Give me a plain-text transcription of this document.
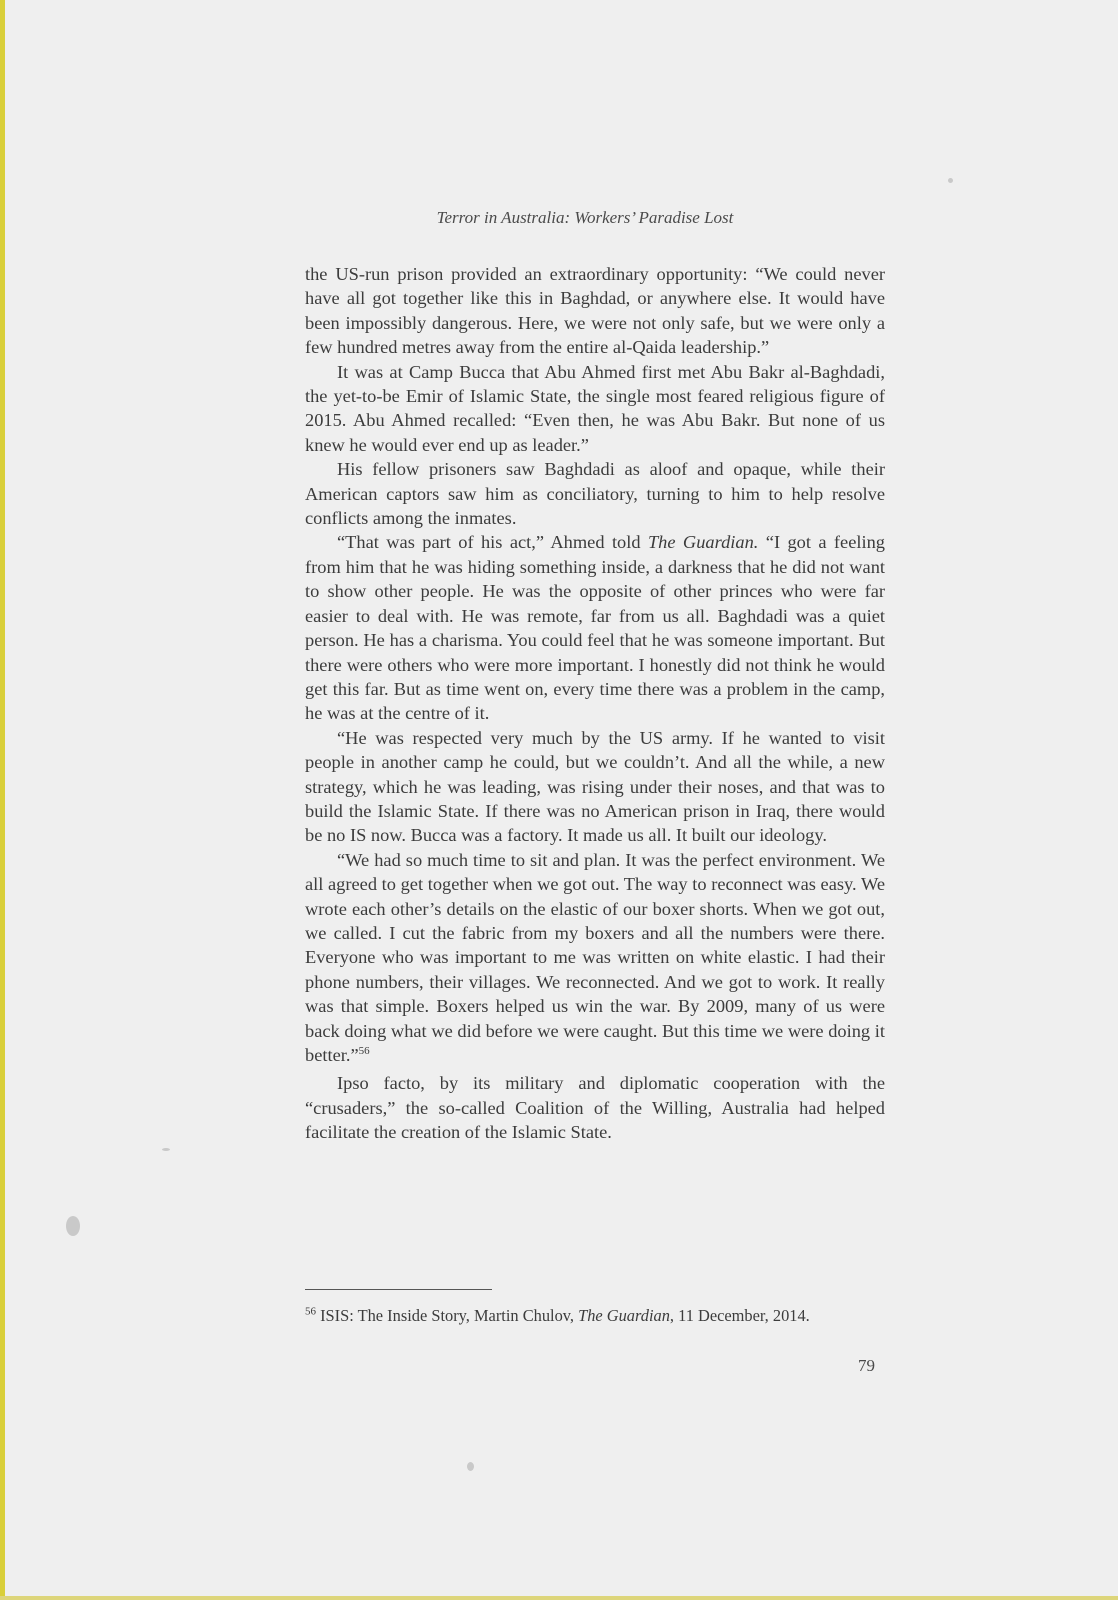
Terror in Australia: Workers’ Paradise Lost

the US-run prison provided an extraordinary opportunity: “We could never have all got together like this in Baghdad, or anywhere else. It would have been impossibly dangerous. Here, we were not only safe, but we were only a few hundred metres away from the entire al-Qaida leadership.”

It was at Camp Bucca that Abu Ahmed first met Abu Bakr al-Baghdadi, the yet-to-be Emir of Islamic State, the single most feared religious figure of 2015. Abu Ahmed recalled: “Even then, he was Abu Bakr. But none of us knew he would ever end up as leader.”

His fellow prisoners saw Baghdadi as aloof and opaque, while their American captors saw him as conciliatory, turning to him to help resolve conflicts among the inmates.

“That was part of his act,” Ahmed told The Guardian. “I got a feeling from him that he was hiding something inside, a darkness that he did not want to show other people. He was the opposite of other princes who were far easier to deal with. He was remote, far from us all. Baghdadi was a quiet person. He has a charisma. You could feel that he was someone important. But there were others who were more important. I honestly did not think he would get this far. But as time went on, every time there was a problem in the camp, he was at the centre of it.

“He was respected very much by the US army. If he wanted to visit people in another camp he could, but we couldn’t. And all the while, a new strategy, which he was leading, was rising under their noses, and that was to build the Islamic State. If there was no American prison in Iraq, there would be no IS now. Bucca was a factory. It made us all. It built our ideology.

“We had so much time to sit and plan. It was the perfect environment. We all agreed to get together when we got out. The way to reconnect was easy. We wrote each other’s details on the elastic of our boxer shorts. When we got out, we called. I cut the fabric from my boxers and all the numbers were there. Everyone who was important to me was written on white elastic. I had their phone numbers, their villages. We reconnected. And we got to work. It really was that simple. Boxers helped us win the war. By 2009, many of us were back doing what we did before we were caught. But this time we were doing it better.”$^{56}$

Ipso facto, by its military and diplomatic cooperation with the “crusaders,” the so-called Coalition of the Willing, Australia had helped facilitate the creation of the Islamic State.

$^{56}$ ISIS: The Inside Story, Martin Chulov, The Guardian, 11 December, 2014.
79
